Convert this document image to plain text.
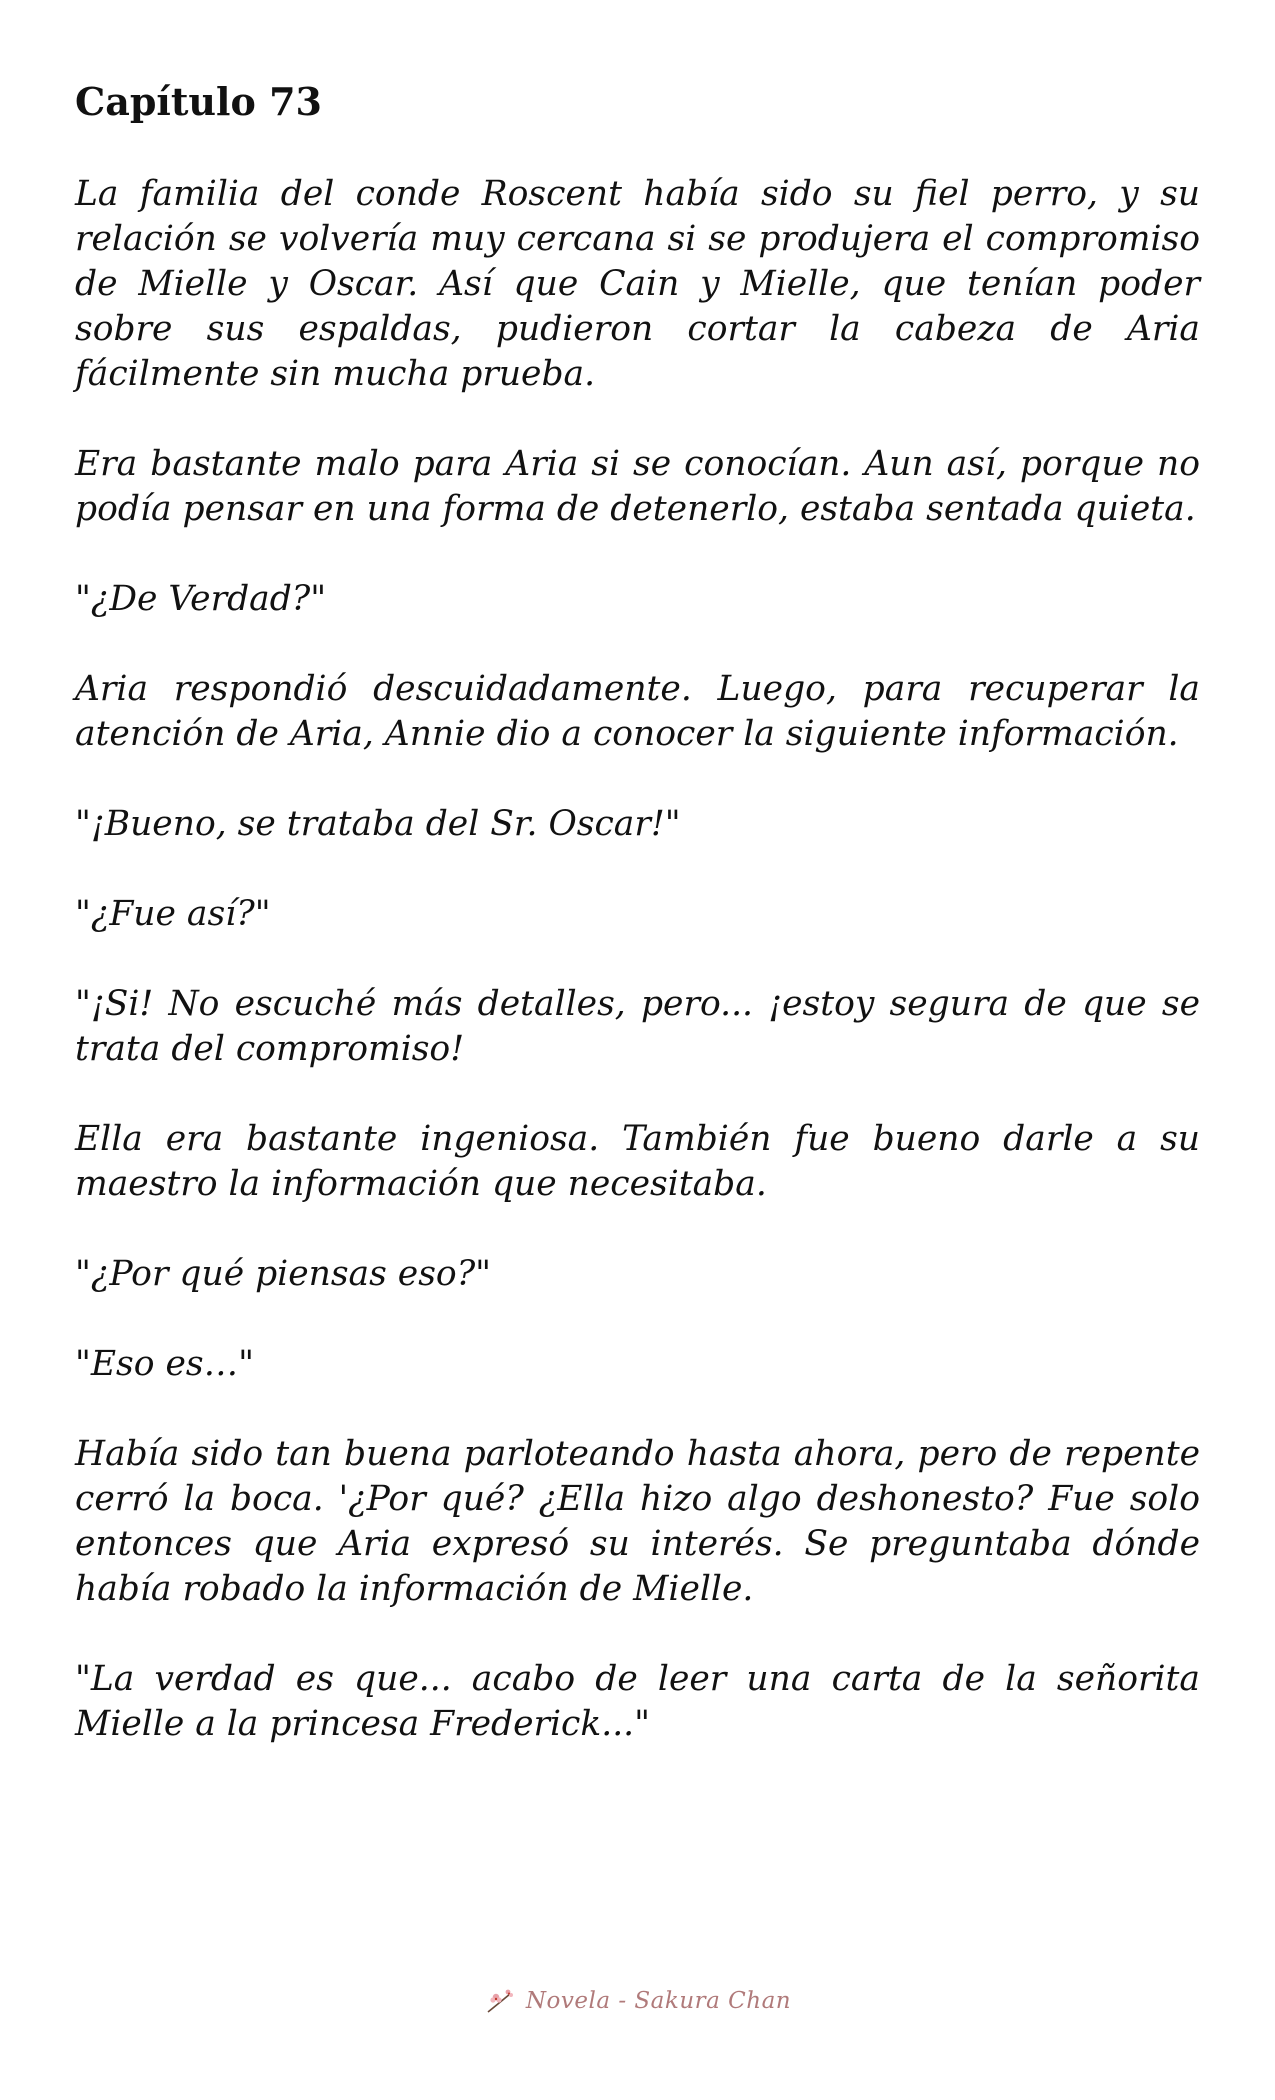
Capítulo 73

La familia del conde Roscent había sido su fiel perro, y su relación se volvería muy cercana si se produjera el compromiso de Mielle y Oscar. Así que Cain y Mielle, que tenían poder sobre sus espaldas, pudieron cortar la cabeza de Aria fácilmente sin mucha prueba.

Era bastante malo para Aria si se conocían. Aun así, porque no podía pensar en una forma de detenerlo, estaba sentada quieta.

"¿De Verdad?"

Aria respondió descuidadamente. Luego, para recuperar la atención de Aria, Annie dio a conocer la siguiente información.

"¡Bueno, se trataba del Sr. Oscar!"

"¿Fue así?"

"¡Si! No escuché más detalles, pero... ¡estoy segura de que se trata del compromiso!

Ella era bastante ingeniosa. También fue bueno darle a su maestro la información que necesitaba.

"¿Por qué piensas eso?"

"Eso es…"

Había sido tan buena parloteando hasta ahora, pero de repente cerró la boca. '¿Por qué? ¿Ella hizo algo deshonesto? Fue solo entonces que Aria expresó su interés. Se preguntaba dónde había robado la información de Mielle.

"La verdad es que... acabo de leer una carta de la señorita Mielle a la princesa Frederick..."

Novela - Sakura Chan
